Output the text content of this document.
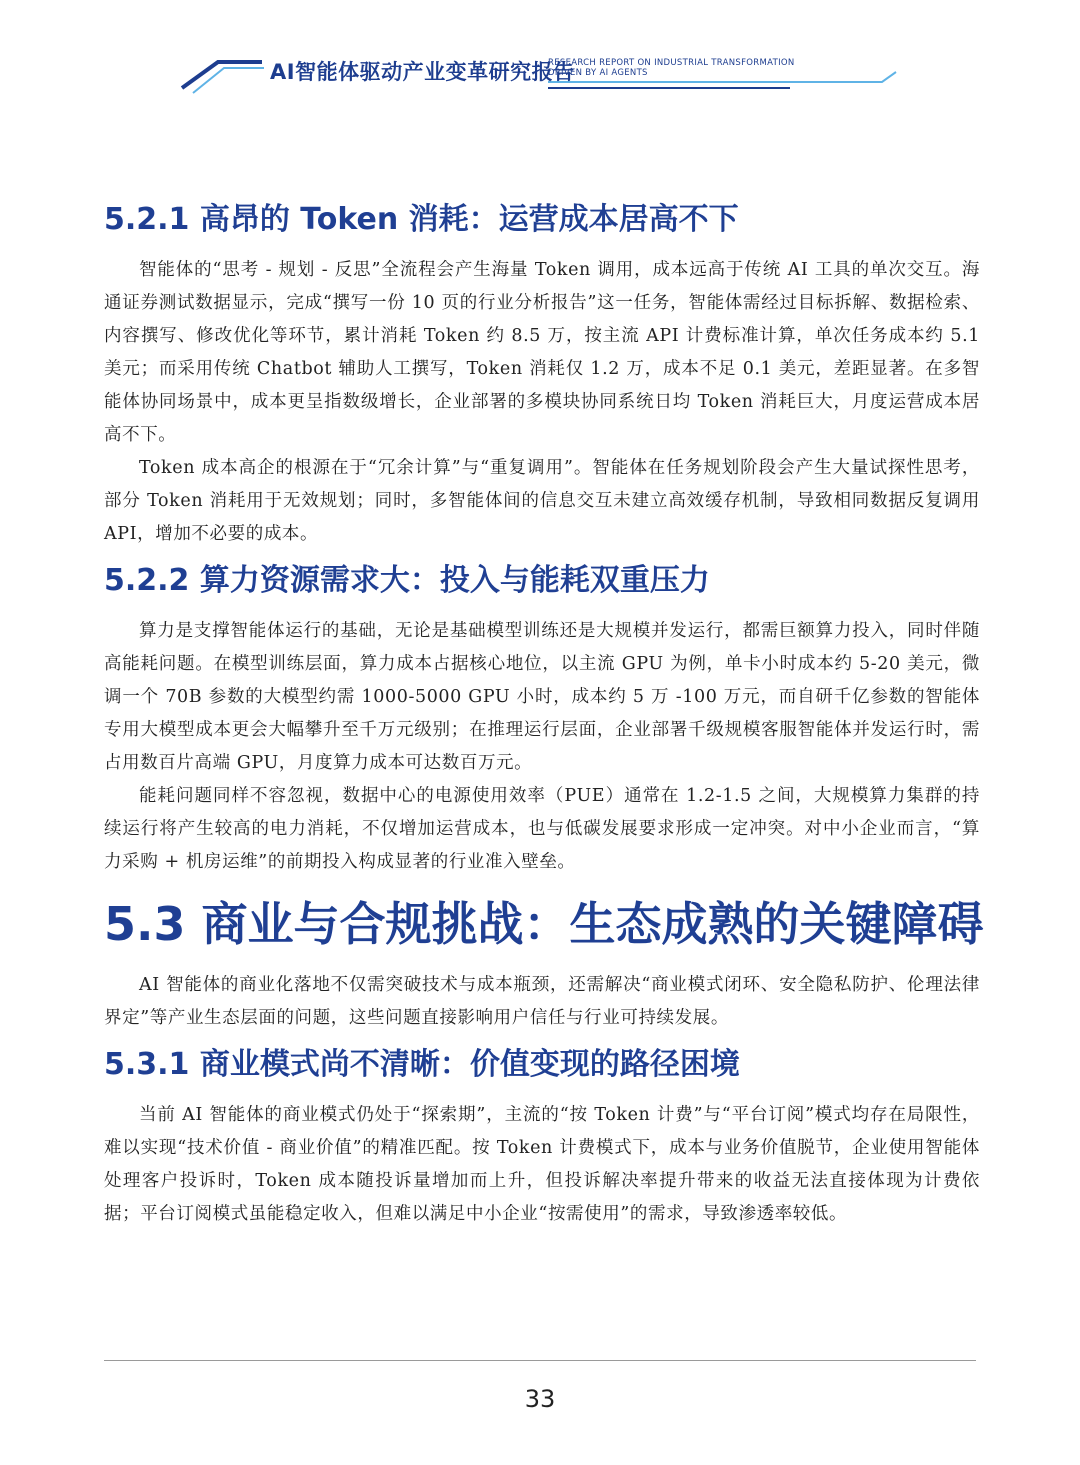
AI智能体驱动产业变革研究报告
RESEARCH REPORT ON INDUSTRIAL TRANSFORMATION
DRIVEN BY AI AGENTS
5.2.1 高昂的 Token 消耗：运营成本居高不下

智能体的“思考 - 规划 - 反思”全流程会产生海量 Token 调用，成本远高于传统 AI 工具的单次交互。海通证券测试数据显示，完成“撰写一份 10 页的行业分析报告”这一任务，智能体需经过目标拆解、数据检索、内容撰写、修改优化等环节，累计消耗 Token 约 8.5 万，按主流 API 计费标准计算，单次任务成本约 5.1 美元；而采用传统 Chatbot 辅助人工撰写，Token 消耗仅 1.2 万，成本不足 0.1 美元，差距显著。在多智能体协同场景中，成本更呈指数级增长，企业部署的多模块协同系统日均 Token 消耗巨大，月度运营成本居高不下。

Token 成本高企的根源在于“冗余计算”与“重复调用”。智能体在任务规划阶段会产生大量试探性思考，部分 Token 消耗用于无效规划；同时，多智能体间的信息交互未建立高效缓存机制，导致相同数据反复调用 API，增加不必要的成本。

5.2.2 算力资源需求大：投入与能耗双重压力

算力是支撑智能体运行的基础，无论是基础模型训练还是大规模并发运行，都需巨额算力投入，同时伴随高能耗问题。在模型训练层面，算力成本占据核心地位，以主流 GPU 为例，单卡小时成本约 5-20 美元，微调一个 70B 参数的大模型约需 1000-5000 GPU 小时，成本约 5 万 -100 万元，而自研千亿参数的智能体专用大模型成本更会大幅攀升至千万元级别；在推理运行层面，企业部署千级规模客服智能体并发运行时，需占用数百片高端 GPU，月度算力成本可达数百万元。

能耗问题同样不容忽视，数据中心的电源使用效率（PUE）通常在 1.2-1.5 之间，大规模算力集群的持续运行将产生较高的电力消耗，不仅增加运营成本，也与低碳发展要求形成一定冲突。对中小企业而言，“算力采购 + 机房运维”的前期投入构成显著的行业准入壁垒。

5.3 商业与合规挑战：生态成熟的关键障碍

AI 智能体的商业化落地不仅需突破技术与成本瓶颈，还需解决“商业模式闭环、安全隐私防护、伦理法律界定”等产业生态层面的问题，这些问题直接影响用户信任与行业可持续发展。

5.3.1 商业模式尚不清晰：价值变现的路径困境

当前 AI 智能体的商业模式仍处于“探索期”，主流的“按 Token 计费”与“平台订阅”模式均存在局限性，难以实现“技术价值 - 商业价值”的精准匹配。按 Token 计费模式下，成本与业务价值脱节，企业使用智能体处理客户投诉时，Token 成本随投诉量增加而上升，但投诉解决率提升带来的收益无法直接体现为计费依据；平台订阅模式虽能稳定收入，但难以满足中小企业“按需使用”的需求，导致渗透率较低。

33
